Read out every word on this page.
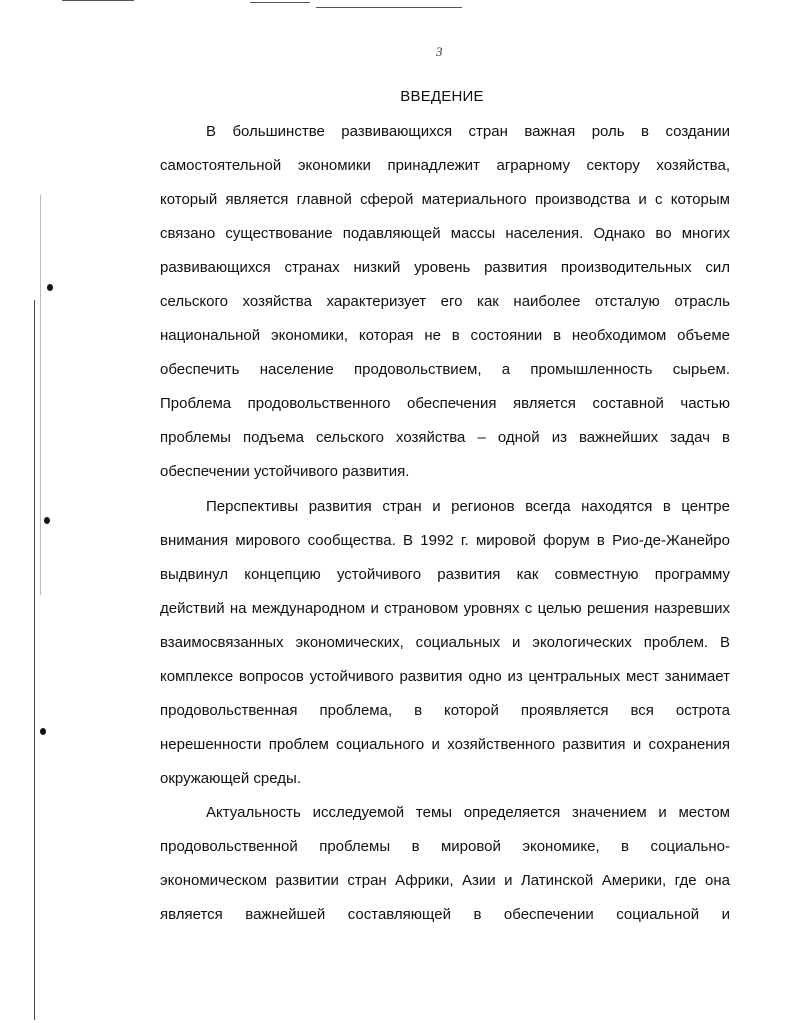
3
ВВЕДЕНИЕ
В большинстве развивающихся стран важная роль в создании
самостоятельной экономики принадлежит аграрному сектору хозяйства,
который является главной сферой материального производства и с которым
связано существование подавляющей массы населения. Однако во многих
развивающихся странах низкий уровень развития производительных сил
сельского хозяйства характеризует его как наиболее отсталую отрасль
национальной экономики, которая не в состоянии в необходимом объеме
обеспечить население продовольствием, а промышленность сырьем.
Проблема продовольственного обеспечения является составной частью
проблемы подъема сельского хозяйства – одной из важнейших задач в
обеспечении устойчивого развития.
Перспективы развития стран и регионов всегда находятся в центре
внимания мирового сообщества. В 1992 г. мировой форум в Рио-де-Жанейро
выдвинул концепцию устойчивого развития как совместную программу
действий на международном и страновом уровнях с целью решения назревших
взаимосвязанных экономических, социальных и экологических проблем. В
комплексе вопросов устойчивого развития одно из центральных мест занимает
продовольственная проблема, в которой проявляется вся острота
нерешенности проблем социального и хозяйственного развития и сохранения
окружающей среды.
Актуальность исследуемой темы определяется значением и местом
продовольственной проблемы в мировой экономике, в социально-
экономическом развитии стран Африки, Азии и Латинской Америки, где она
является важнейшей составляющей в обеспечении социальной и
